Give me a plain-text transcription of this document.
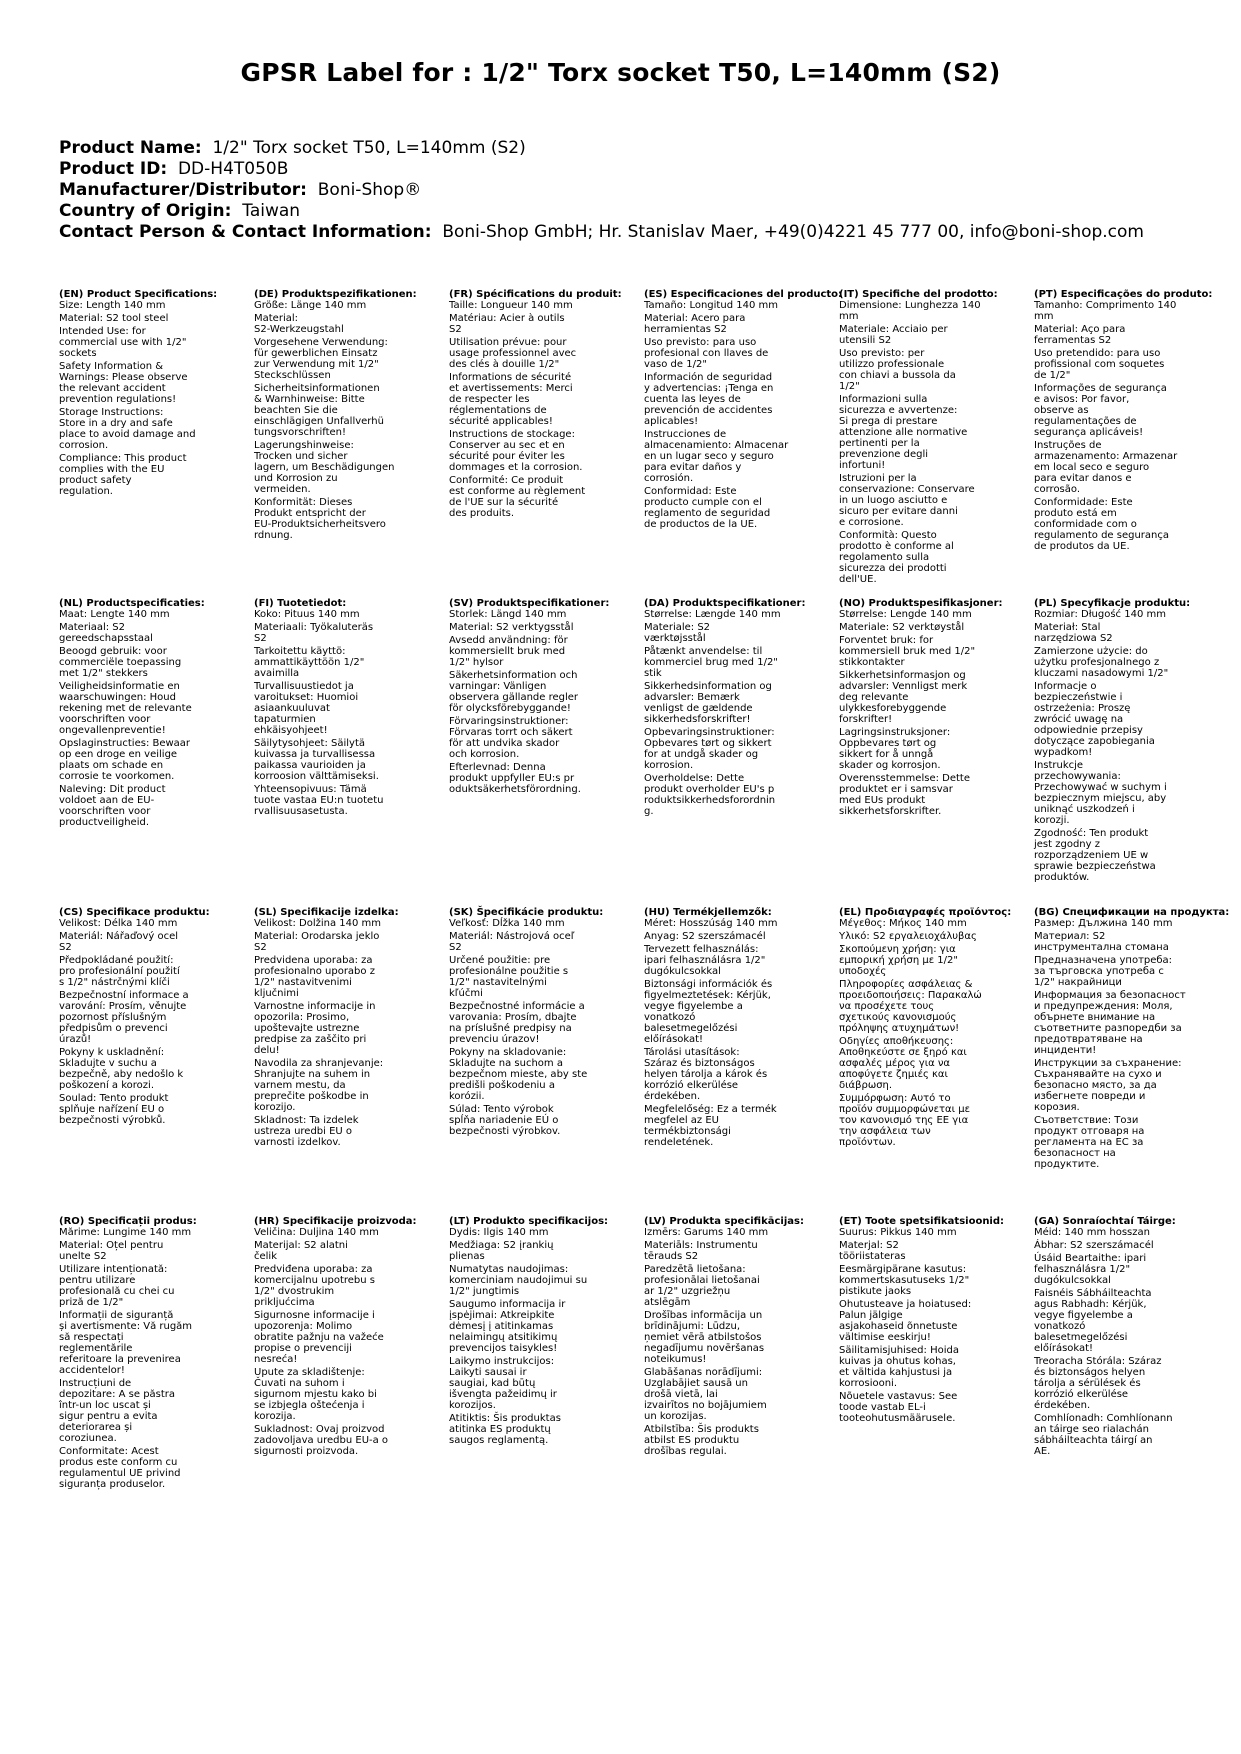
GPSR Label for : 1/2" Torx socket T50, L=140mm (S2)
Product Name: 1/2" Torx socket T50, L=140mm (S2)
Product ID: DD-H4T050B
Manufacturer/Distributor: Boni-Shop®
Country of Origin: Taiwan
Contact Person & Contact Information: Boni-Shop GmbH; Hr. Stanislav Maer, +49(0)4221 45 777 00, info@boni-shop.com
(EN) Product Specifications:
Size: Length 140 mm
Material: S2 tool steel
Intended Use: for
commercial use with 1/2"
sockets
Safety Information &
Warnings: Please observe
the relevant accident
prevention regulations!
Storage Instructions:
Store in a dry and safe
place to avoid damage and
corrosion.
Compliance: This product
complies with the EU
product safety
regulation.
(DE) Produktspezifikationen:
Größe: Länge 140 mm
Material:
S2-Werkzeugstahl
Vorgesehene Verwendung:
für gewerblichen Einsatz
zur Verwendung mit 1/2"
Steckschlüssen
Sicherheitsinformationen
& Warnhinweise: Bitte
beachten Sie die
einschlägigen Unfallverhü
tungsvorschriften!
Lagerungshinweise:
Trocken und sicher
lagern, um Beschädigungen
und Korrosion zu
vermeiden.
Konformität: Dieses
Produkt entspricht der
EU-Produktsicherheitsvero
rdnung.
(FR) Spécifications du produit:
Taille: Longueur 140 mm
Matériau: Acier à outils
S2
Utilisation prévue: pour
usage professionnel avec
des clés à douille 1/2"
Informations de sécurité
et avertissements: Merci
de respecter les
réglementations de
sécurité applicables!
Instructions de stockage:
Conserver au sec et en
sécurité pour éviter les
dommages et la corrosion.
Conformité: Ce produit
est conforme au règlement
de l'UE sur la sécurité
des produits.
(ES) Especificaciones del producto:
Tamaño: Longitud 140 mm
Material: Acero para
herramientas S2
Uso previsto: para uso
profesional con llaves de
vaso de 1/2"
Información de seguridad
y advertencias: ¡Tenga en
cuenta las leyes de
prevención de accidentes
aplicables!
Instrucciones de
almacenamiento: Almacenar
en un lugar seco y seguro
para evitar daños y
corrosión.
Conformidad: Este
producto cumple con el
reglamento de seguridad
de productos de la UE.
(IT) Specifiche del prodotto:
Dimensione: Lunghezza 140
mm
Materiale: Acciaio per
utensili S2
Uso previsto: per
utilizzo professionale
con chiavi a bussola da
1/2"
Informazioni sulla
sicurezza e avvertenze:
Si prega di prestare
attenzione alle normative
pertinenti per la
prevenzione degli
infortuni!
Istruzioni per la
conservazione: Conservare
in un luogo asciutto e
sicuro per evitare danni
e corrosione.
Conformità: Questo
prodotto è conforme al
regolamento sulla
sicurezza dei prodotti
dell'UE.
(PT) Especificações do produto:
Tamanho: Comprimento 140
mm
Material: Aço para
ferramentas S2
Uso pretendido: para uso
profissional com soquetes
de 1/2"
Informações de segurança
e avisos: Por favor,
observe as
regulamentações de
segurança aplicáveis!
Instruções de
armazenamento: Armazenar
em local seco e seguro
para evitar danos e
corrosão.
Conformidade: Este
produto está em
conformidade com o
regulamento de segurança
de produtos da UE.
(NL) Productspecificaties:
Maat: Lengte 140 mm
Materiaal: S2
gereedschapsstaal
Beoogd gebruik: voor
commerciële toepassing
met 1/2" stekkers
Veiligheidsinformatie en
waarschuwingen: Houd
rekening met de relevante
voorschriften voor
ongevallenpreventie!
Opslaginstructies: Bewaar
op een droge en veilige
plaats om schade en
corrosie te voorkomen.
Naleving: Dit product
voldoet aan de EU-
voorschriften voor
productveiligheid.
(FI) Tuotetiedot:
Koko: Pituus 140 mm
Materiaali: Työkaluteräs
S2
Tarkoitettu käyttö:
ammattikäyttöön 1/2"
avaimilla
Turvallisuustiedot ja
varoitukset: Huomioi
asiaankuuluvat
tapaturmien
ehkäisyohjeet!
Säilytysohjeet: Säilytä
kuivassa ja turvallisessa
paikassa vaurioiden ja
korroosion välttämiseksi.
Yhteensopivuus: Tämä
tuote vastaa EU:n tuotetu
rvallisuusasetusta.
(SV) Produktspecifikationer:
Storlek: Längd 140 mm
Material: S2 verktygsstål
Avsedd användning: för
kommersiellt bruk med
1/2" hylsor
Säkerhetsinformation och
varningar: Vänligen
observera gällande regler
för olycksförebyggande!
Förvaringsinstruktioner:
Förvaras torrt och säkert
för att undvika skador
och korrosion.
Efterlevnad: Denna
produkt uppfyller EU:s pr
oduktsäkerhetsförordning.
(DA) Produktspecifikationer:
Størrelse: Længde 140 mm
Materiale: S2
værktøjsstål
Påtænkt anvendelse: til
kommerciel brug med 1/2"
stik
Sikkerhedsinformation og
advarsler: Bemærk
venligst de gældende
sikkerhedsforskrifter!
Opbevaringsinstruktioner:
Opbevares tørt og sikkert
for at undgå skader og
korrosion.
Overholdelse: Dette
produkt overholder EU's p
roduktsikkerhedsforordnin
g.
(NO) Produktspesifikasjoner:
Størrelse: Lengde 140 mm
Materiale: S2 verktøystål
Forventet bruk: for
kommersiell bruk med 1/2"
stikkontakter
Sikkerhetsinformasjon og
advarsler: Vennligst merk
deg relevante
ulykkesforebyggende
forskrifter!
Lagringsinstruksjoner:
Oppbevares tørt og
sikkert for å unngå
skader og korrosjon.
Overensstemmelse: Dette
produktet er i samsvar
med EUs produkt
sikkerhetsforskrifter.
(PL) Specyfikacje produktu:
Rozmiar: Długość 140 mm
Materiał: Stal
narzędziowa S2
Zamierzone użycie: do
użytku profesjonalnego z
kluczami nasadowymi 1/2"
Informacje o
bezpieczeństwie i
ostrzeżenia: Proszę
zwrócić uwagę na
odpowiednie przepisy
dotyczące zapobiegania
wypadkom!
Instrukcje
przechowywania:
Przechowywać w suchym i
bezpiecznym miejscu, aby
uniknąć uszkodzeń i
korozji.
Zgodność: Ten produkt
jest zgodny z
rozporządzeniem UE w
sprawie bezpieczeństwa
produktów.
(CS) Specifikace produktu:
Velikost: Délka 140 mm
Materiál: Nářaďový ocel
S2
Předpokládané použití:
pro profesionální použití
s 1/2" nástrčnými klíči
Bezpečnostní informace a
varování: Prosím, věnujte
pozornost příslušným
předpisům o prevenci
úrazů!
Pokyny k uskladnění:
Skladujte v suchu a
bezpečně, aby nedošlo k
poškození a korozi.
Soulad: Tento produkt
splňuje nařízení EU o
bezpečnosti výrobků.
(SL) Specifikacije izdelka:
Velikost: Dolžina 140 mm
Material: Orodarska jeklo
S2
Predvidena uporaba: za
profesionalno uporabo z
1/2" nastavitvenimi
ključnimi
Varnostne informacije in
opozorila: Prosimo,
upoštevajte ustrezne
predpise za zaščito pri
delu!
Navodila za shranjevanje:
Shranjujte na suhem in
varnem mestu, da
preprečite poškodbe in
korozijo.
Skladnost: Ta izdelek
ustreza uredbi EU o
varnosti izdelkov.
(SK) Špecifikácie produktu:
Veľkosť: Dĺžka 140 mm
Materiál: Nástrojová oceľ
S2
Určené použitie: pre
profesionálne použitie s
1/2" nastavitelnými
kľúčmi
Bezpečnostné informácie a
varovania: Prosím, dbajte
na príslušné predpisy na
prevenciu úrazov!
Pokyny na skladovanie:
Skladujte na suchom a
bezpečnom mieste, aby ste
predišli poškodeniu a
korózii.
Súlad: Tento výrobok
spĺňa nariadenie EÚ o
bezpečnosti výrobkov.
(HU) Termékjellemzők:
Méret: Hosszúság 140 mm
Anyag: S2 szerszámacél
Tervezett felhasználás:
ipari felhasználásra 1/2"
dugókulcsokkal
Biztonsági információk és
figyelmeztetések: Kérjük,
vegye figyelembe a
vonatkozó
balesetmegelőzési
előírásokat!
Tárolási utasítások:
Száraz és biztonságos
helyen tárolja a károk és
korrózió elkerülése
érdekében.
Megfelelőség: Ez a termék
megfelel az EU
termékbiztonsági
rendeletének.
(EL) Προδιαγραφές προϊόντος:
Μέγεθος: Μήκος 140 mm
Υλικό: S2 εργαλειοχάλυβας
Σκοπούμενη χρήση: για
εμπορική χρήση με 1/2"
υποδοχές
Πληροφορίες ασφάλειας &
προειδοποιήσεις: Παρακαλώ
να προσέχετε τους
σχετικούς κανονισμούς
πρόληψης ατυχημάτων!
Οδηγίες αποθήκευσης:
Αποθηκεύστε σε ξηρό και
ασφαλές μέρος για να
αποφύγετε ζημιές και
διάβρωση.
Συμμόρφωση: Αυτό το
προϊόν συμμορφώνεται με
τον κανονισμό της ΕΕ για
την ασφάλεια των
προϊόντων.
(BG) Спецификации на продукта:
Размер: Дължина 140 mm
Материал: S2
инструментална стомана
Предназначена употреба:
за търговска употреба с
1/2" накрайници
Информация за безопасност
и предупреждения: Моля,
обърнете внимание на
съответните разпоредби за
предотвратяване на
инциденти!
Инструкции за съхранение:
Съхранявайте на сухо и
безопасно място, за да
избегнете повреди и
корозия.
Съответствие: Този
продукт отговаря на
регламента на ЕС за
безопасност на
продуктите.
(RO) Specificații produs:
Mărime: Lungime 140 mm
Material: Oțel pentru
unelte S2
Utilizare intenționată:
pentru utilizare
profesională cu chei cu
priză de 1/2"
Informații de siguranță
și avertismente: Vă rugăm
să respectați
reglementările
referitoare la prevenirea
accidentelor!
Instrucțiuni de
depozitare: A se păstra
într-un loc uscat și
sigur pentru a evita
deteriorarea și
coroziunea.
Conformitate: Acest
produs este conform cu
regulamentul UE privind
siguranța produselor.
(HR) Specifikacije proizvoda:
Veličina: Duljina 140 mm
Materijal: S2 alatni
čelik
Predviđena uporaba: za
komercijalnu upotrebu s
1/2" dvostrukim
prikljućcima
Sigurnosne informacije i
upozorenja: Molimo
obratite pažnju na važeće
propise o prevenciji
nesreća!
Upute za skladištenje:
Čuvati na suhom i
sigurnom mjestu kako bi
se izbjegla oštećenja i
korozija.
Sukladnost: Ovaj proizvod
zadovoljava uredbu EU-a o
sigurnosti proizvoda.
(LT) Produkto specifikacijos:
Dydis: Ilgis 140 mm
Medžiaga: S2 įrankių
plienas
Numatytas naudojimas:
komerciniam naudojimui su
1/2" jungtimis
Saugumo informacija ir
įspėjimai: Atkreipkite
dėmesį į atitinkamas
nelaimingų atsitikimų
prevencijos taisykles!
Laikymo instrukcijos:
Laikyti sausai ir
saugiai, kad būtų
išvengta pažeidimų ir
korozijos.
Atitiktis: Šis produktas
atitinka ES produktų
saugos reglamentą.
(LV) Produkta specifikācijas:
Izmērs: Garums 140 mm
Materiāls: Instrumentu
tērauds S2
Paredzētā lietošana:
profesionālai lietošanai
ar 1/2" uzgriežņu
atslēgām
Drošības informācija un
brīdinājumi: Lūdzu,
ņemiet vērā atbilstošos
negadījumu novēršanas
noteikumus!
Glabāšanas norādījumi:
Uzglabājiet sausā un
drošā vietā, lai
izvairītos no bojājumiem
un korozijas.
Atbilstība: Šis produkts
atbilst ES produktu
drošības regulai.
(ET) Toote spetsifikatsioonid:
Suurus: Pikkus 140 mm
Materjal: S2
tööriistateras
Eesmärgipärane kasutus:
kommertskasutuseks 1/2"
pistikute jaoks
Ohutusteave ja hoiatused:
Palun jälgige
asjakohaseid õnnetuste
vältimise eeskirju!
Säilitamisjuhised: Hoida
kuivas ja ohutus kohas,
et vältida kahjustusi ja
korrosiooni.
Nõuetele vastavus: See
toode vastab EL-i
tooteohutusmäärusele.
(GA) Sonraíochtaí Táirge:
Méid: 140 mm hosszan
Ábhar: S2 szerszámacél
Úsáid Beartaithe: ipari
felhasználásra 1/2"
dugókulcsokkal
Faisnéis Sábháilteachta
agus Rabhadh: Kérjük,
vegye figyelembe a
vonatkozó
balesetmegelőzési
előírásokat!
Treoracha Stórála: Száraz
és biztonságos helyen
tárolja a sérülések és
korrózió elkerülése
érdekében.
Comhlíonadh: Comhlíonann
an táirge seo rialachán
sábháilteachta táirgí an
AE.
